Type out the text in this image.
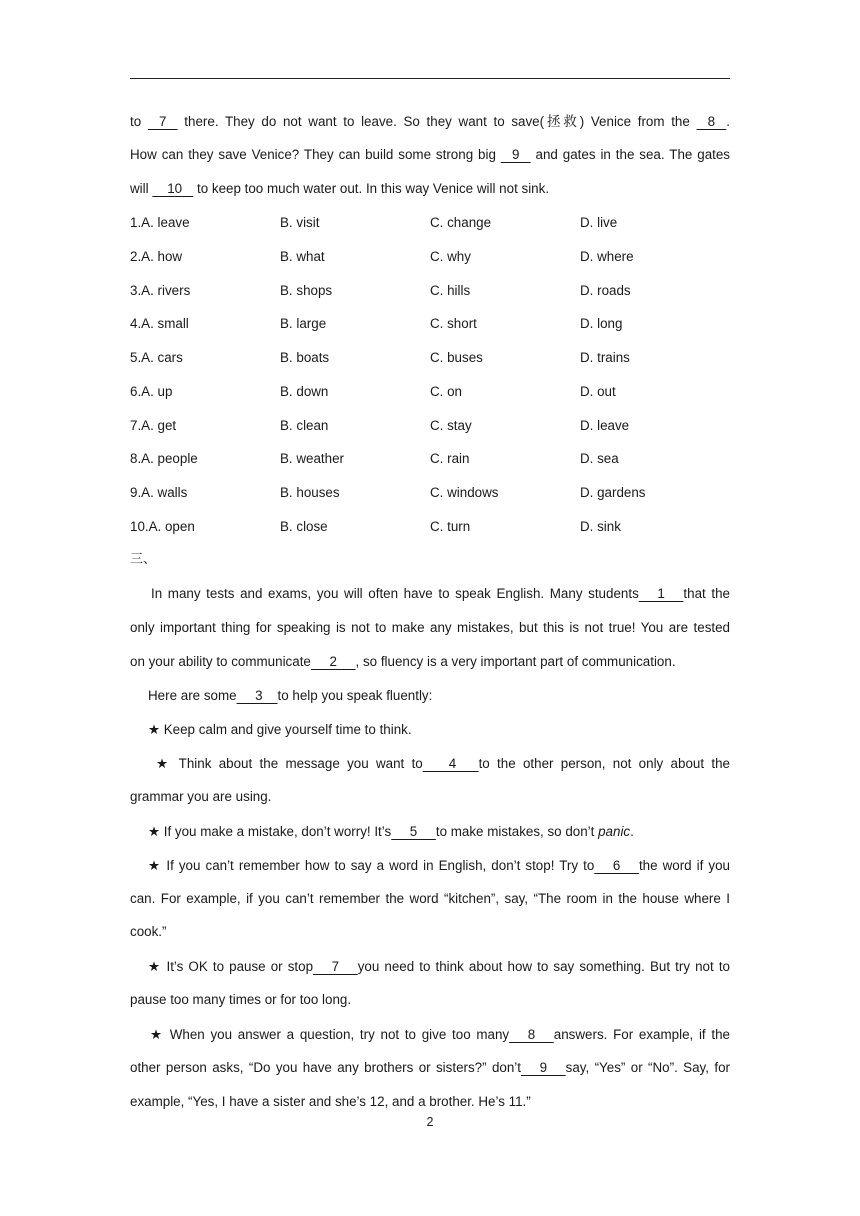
to    7    there. They do not want to leave. So they want to save(拯救) Venice from the    8   .
How can they save Venice? They can build some strong big    9    and gates in the sea. The gates
will     10    to keep too much water out. In this way Venice will not sink.
1.A. leave	B. visit	C. change	D. live
2.A. how	B. what	C. why	D. where
3.A. rivers	B. shops	C. hills	D. roads
4.A. small	B. large	C. short	D. long
5.A. cars	B. boats	C. buses	D. trains
6.A. up	B. down	C. on	D. out
7.A. get	B. clean	C. stay	D. leave
8.A. people	B. weather	C. rain	D. sea
9.A. walls	B. houses	C. windows	D. gardens
10.A. open	B. close	C. turn	D. sink
三、
In many tests and exams, you will often have to speak English. Many students     1     that the
only important thing for speaking is not to make any mistakes, but this is not true! You are tested
on your ability to communicate     2     , so fluency is a very important part of communication.
Here are some     3    to help you speak fluently:
★ Keep calm and give yourself time to think.
★ Think about the message you want to       4      to the other person, not only about the
grammar you are using.
★ If you make a mistake, don’t worry! It’s     5     to make mistakes, so don’t panic.
★ If you can’t remember how to say a word in English, don’t stop! Try to     6     the word if you
can. For example, if you can’t remember the word “kitchen”, say, “The room in the house where I
cook.”
★ It’s OK to pause or stop     7     you need to think about how to say something. But try not to
pause too many times or for too long.
★ When you answer a question, try not to give too many     8     answers. For example, if the
other person asks, “Do you have any brothers or sisters?” don’t     9     say, “Yes” or “No”. Say, for
example, “Yes, I have a sister and she’s 12, and a brother. He’s 11.”
2
